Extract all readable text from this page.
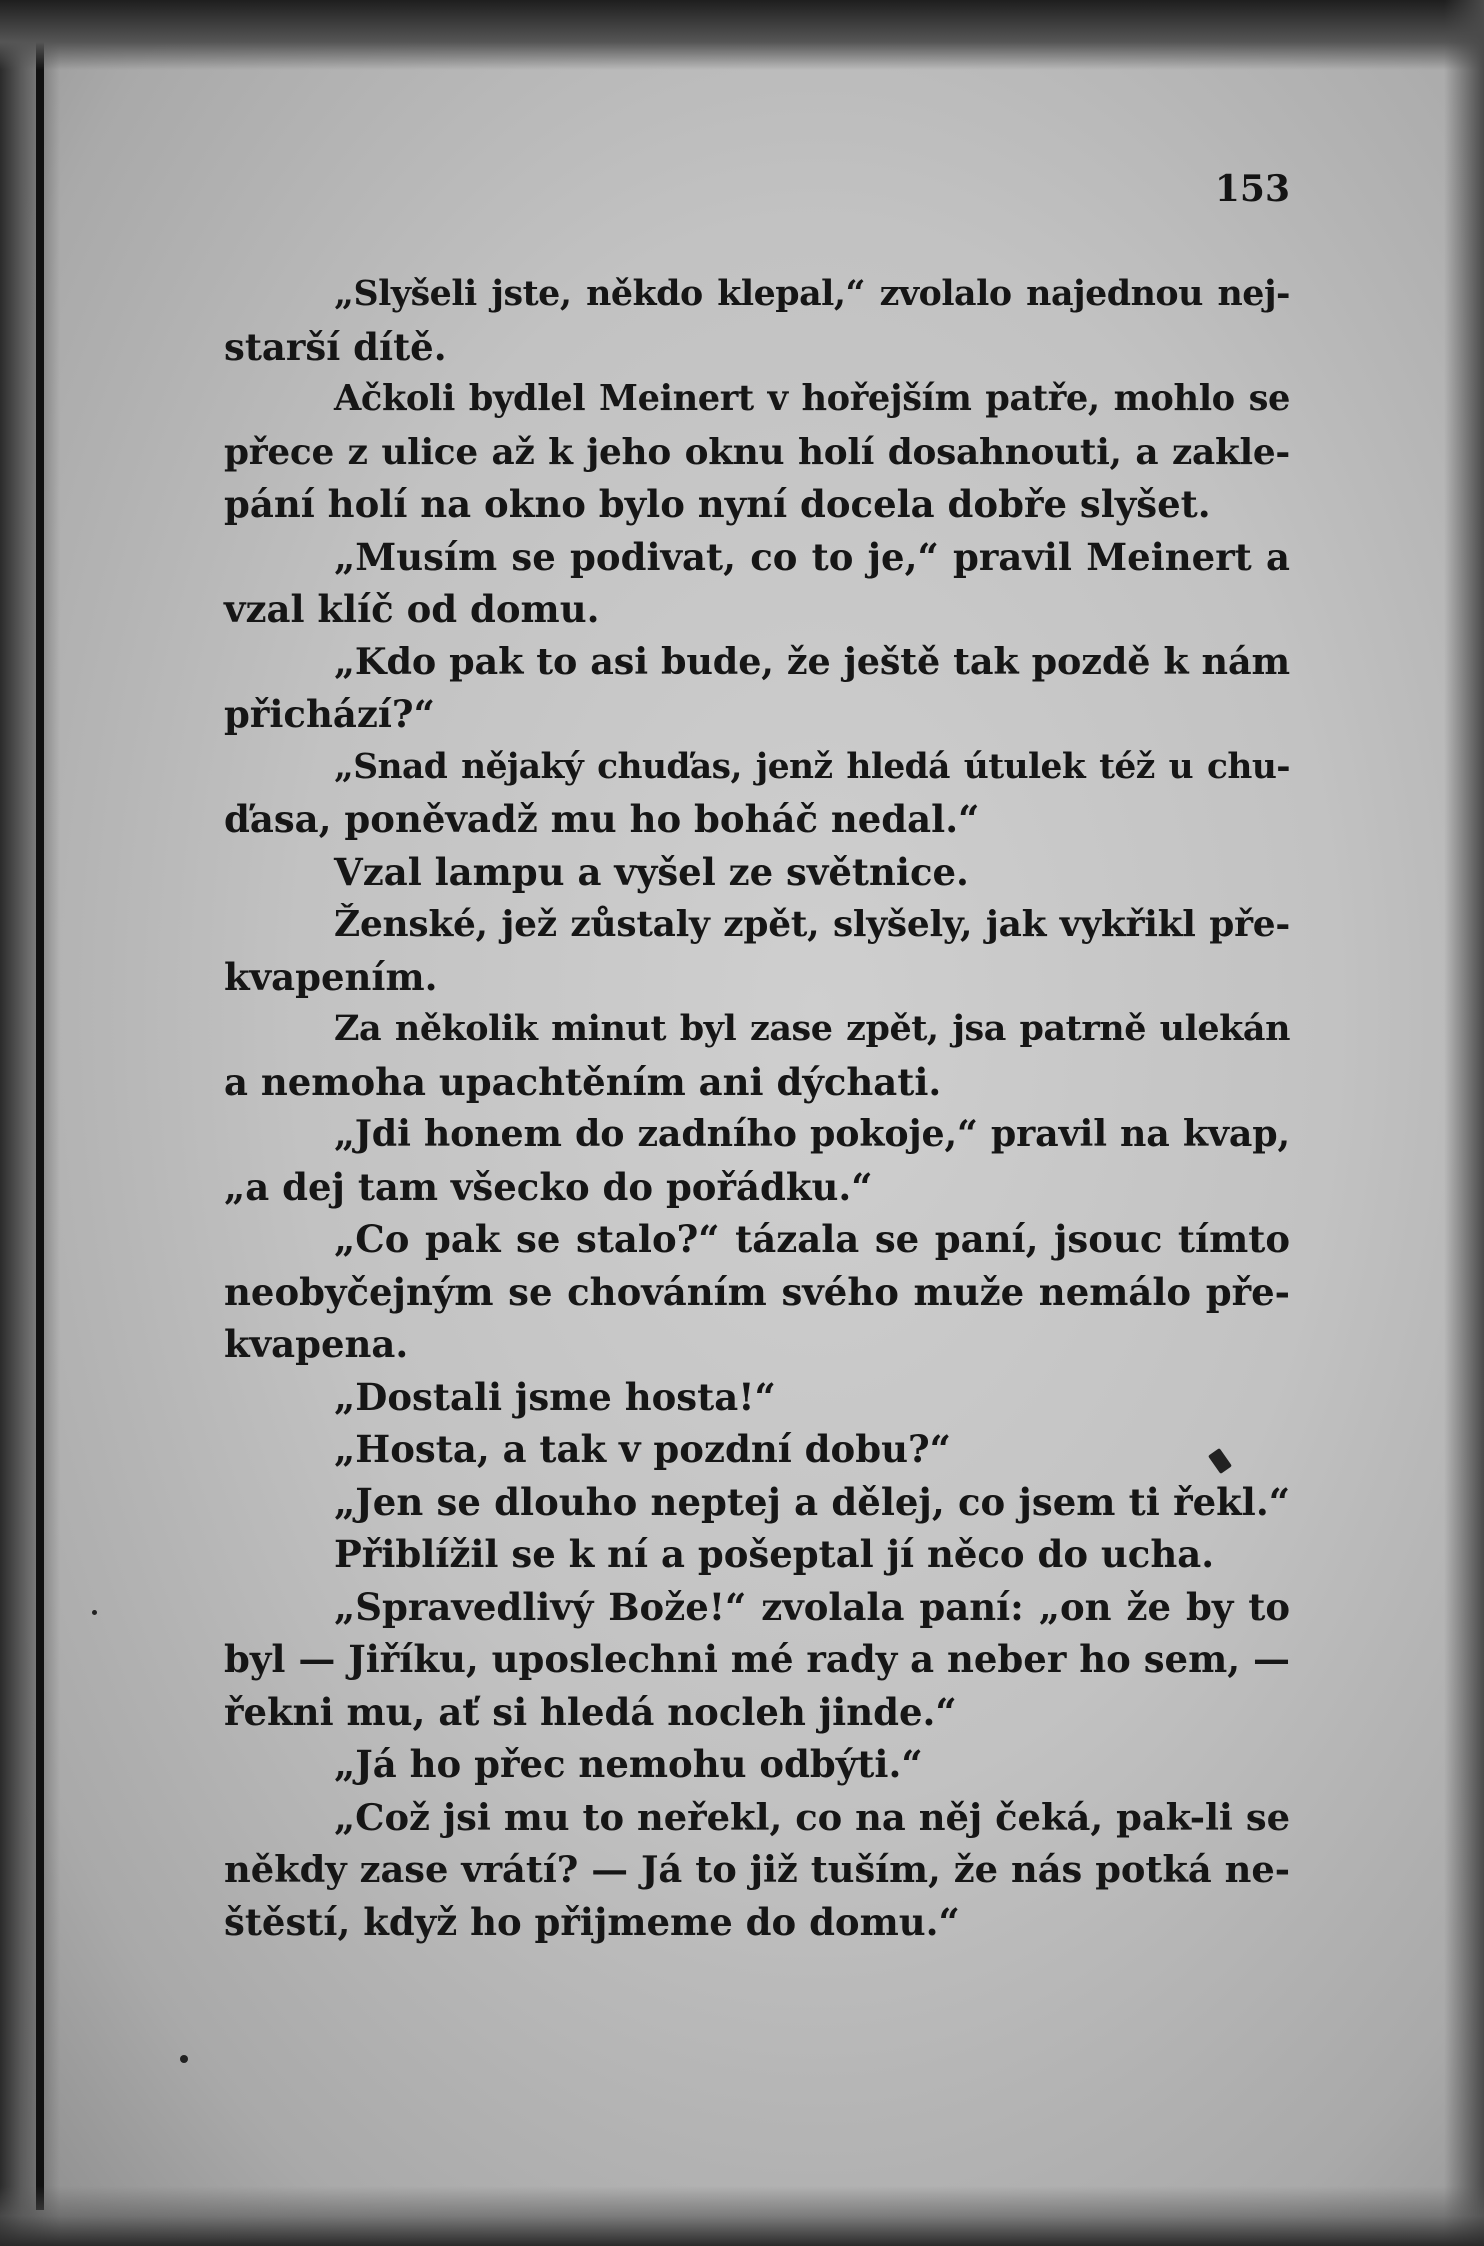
153
„Slyšeli jste, někdo klepal,“ zvolalo najednou nej-
starší dítě.
Ačkoli bydlel Meinert v hořejším patře, mohlo se
přece z ulice až k jeho oknu holí dosahnouti, a zakle-
pání holí na okno bylo nyní docela dobře slyšet.
„Musím se podivat, co to je,“ pravil Meinert a
vzal klíč od domu.
„Kdo pak to asi bude, že ještě tak pozdě k nám
přichází?“
„Snad nějaký chuďas, jenž hledá útulek též u chu-
ďasa, poněvadž mu ho boháč nedal.“
Vzal lampu a vyšel ze světnice.
Ženské, jež zůstaly zpět, slyšely, jak vykřikl pře-
kvapením.
Za několik minut byl zase zpět, jsa patrně ulekán
a nemoha upachtěním ani dýchati.
„Jdi honem do zadního pokoje,“ pravil na kvap,
„a dej tam všecko do pořádku.“
„Co pak se stalo?“ tázala se paní, jsouc tímto
neobyčejným se chováním svého muže nemálo pře-
kvapena.
„Dostali jsme hosta!“
„Hosta, a tak v pozdní dobu?“
„Jen se dlouho neptej a dělej, co jsem ti řekl.“
Přiblížil se k ní a pošeptal jí něco do ucha.
„Spravedlivý Bože!“ zvolala paní: „on že by to
byl — Jiříku, uposlechni mé rady a neber ho sem, —
řekni mu, ať si hledá nocleh jinde.“
„Já ho přec nemohu odbýti.“
„Což jsi mu to neřekl, co na něj čeká, pak-li se
někdy zase vrátí? — Já to již tuším, že nás potká ne-
štěstí, když ho přijmeme do domu.“
